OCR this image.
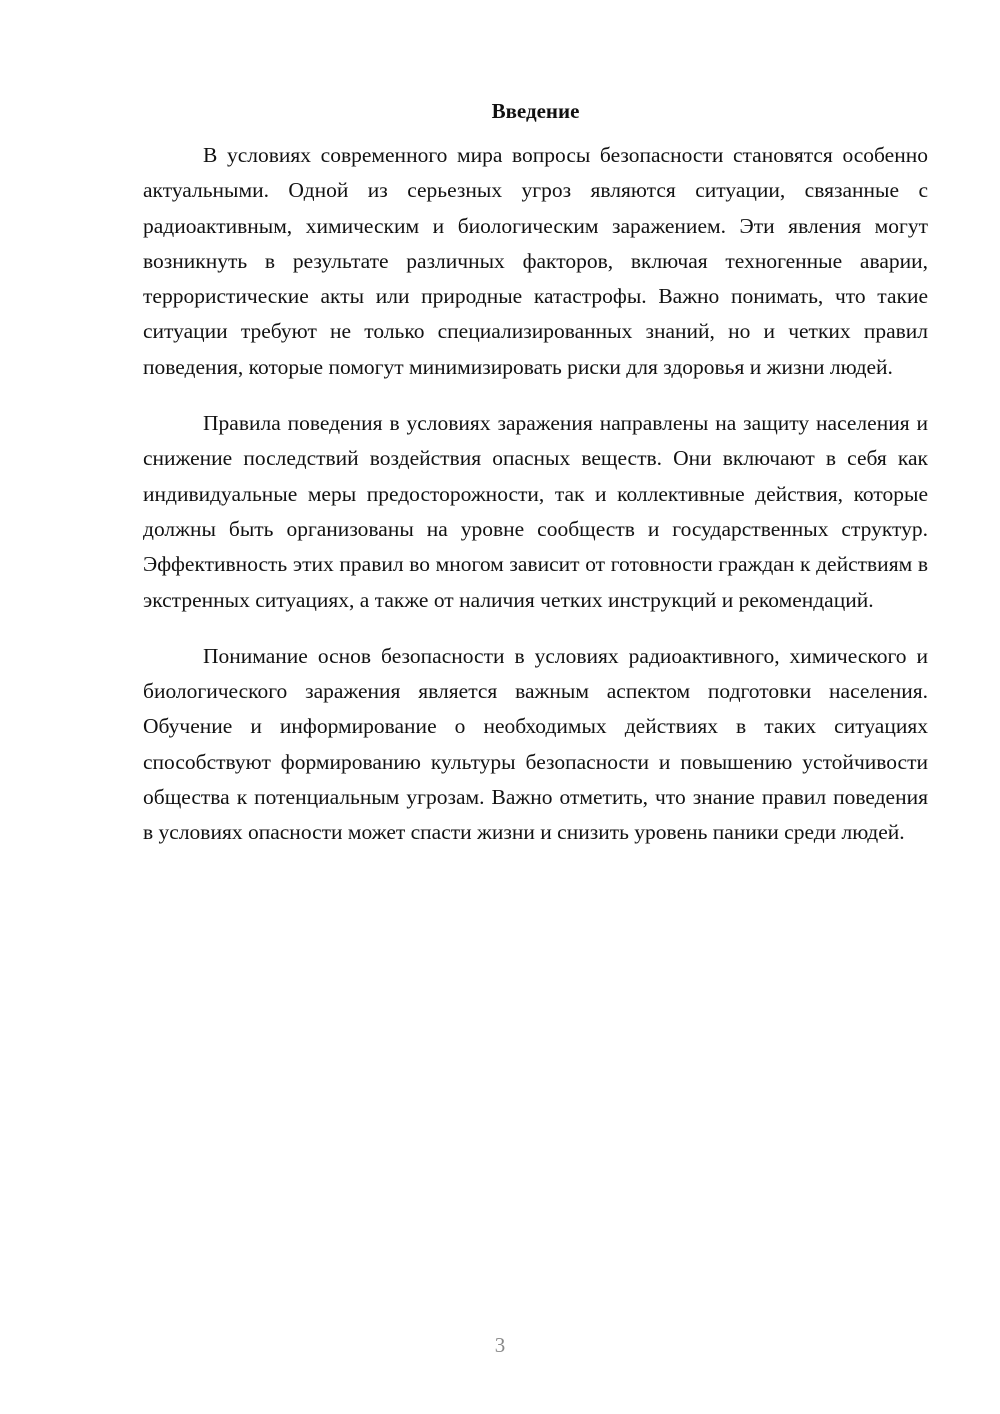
Введение

В условиях современного мира вопросы безопасности становятся особенно актуальными. Одной из серьезных угроз являются ситуации, связанные с радиоактивным, химическим и биологическим заражением. Эти явления могут возникнуть в результате различных факторов, включая техногенные аварии, террористические акты или природные катастрофы. Важно понимать, что такие ситуации требуют не только специализированных знаний, но и четких правил поведения, которые помогут минимизировать риски для здоровья и жизни людей.

Правила поведения в условиях заражения направлены на защиту населения и снижение последствий воздействия опасных веществ. Они включают в себя как индивидуальные меры предосторожности, так и коллективные действия, которые должны быть организованы на уровне сообществ и государственных структур. Эффективность этих правил во многом зависит от готовности граждан к действиям в экстренных ситуациях, а также от наличия четких инструкций и рекомендаций.

Понимание основ безопасности в условиях радиоактивного, химического и биологического заражения является важным аспектом подготовки населения. Обучение и информирование о необходимых действиях в таких ситуациях способствуют формированию культуры безопасности и повышению устойчивости общества к потенциальным угрозам. Важно отметить, что знание правил поведения в условиях опасности может спасти жизни и снизить уровень паники среди людей.

3
